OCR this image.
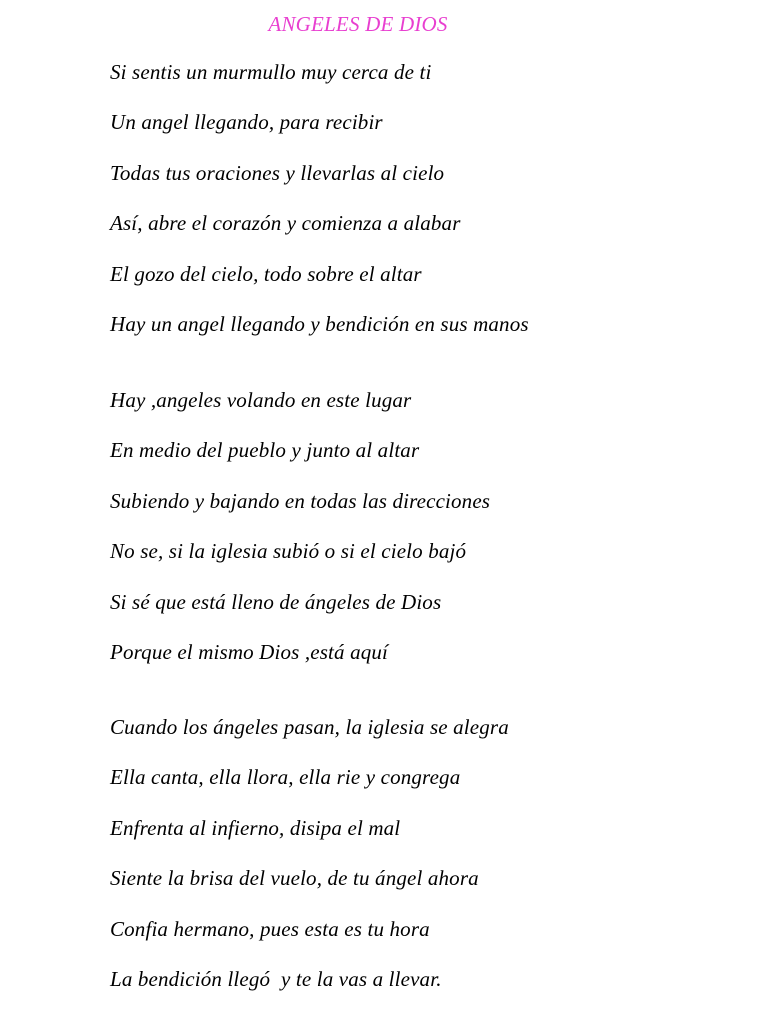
ANGELES DE DIOS
Si sentis un murmullo muy cerca de ti
Un angel llegando, para recibir
Todas tus oraciones y llevarlas al cielo
Así, abre el corazón y comienza a alabar
El gozo del cielo, todo sobre el altar
Hay un angel llegando y bendición en sus manos
Hay ,angeles volando en este lugar
En medio del pueblo y junto al altar
Subiendo y bajando en todas las direcciones
No se, si la iglesia subió o si el cielo bajó
Si sé que está lleno de ángeles de Dios
Porque el mismo Dios ,está aquí
Cuando los ángeles pasan, la iglesia se alegra
Ella canta, ella llora, ella rie y congrega
Enfrenta al infierno, disipa el mal
Siente la brisa del vuelo, de tu ángel ahora
Confia hermano, pues esta es tu hora
La bendición llegó  y te la vas a llevar.
